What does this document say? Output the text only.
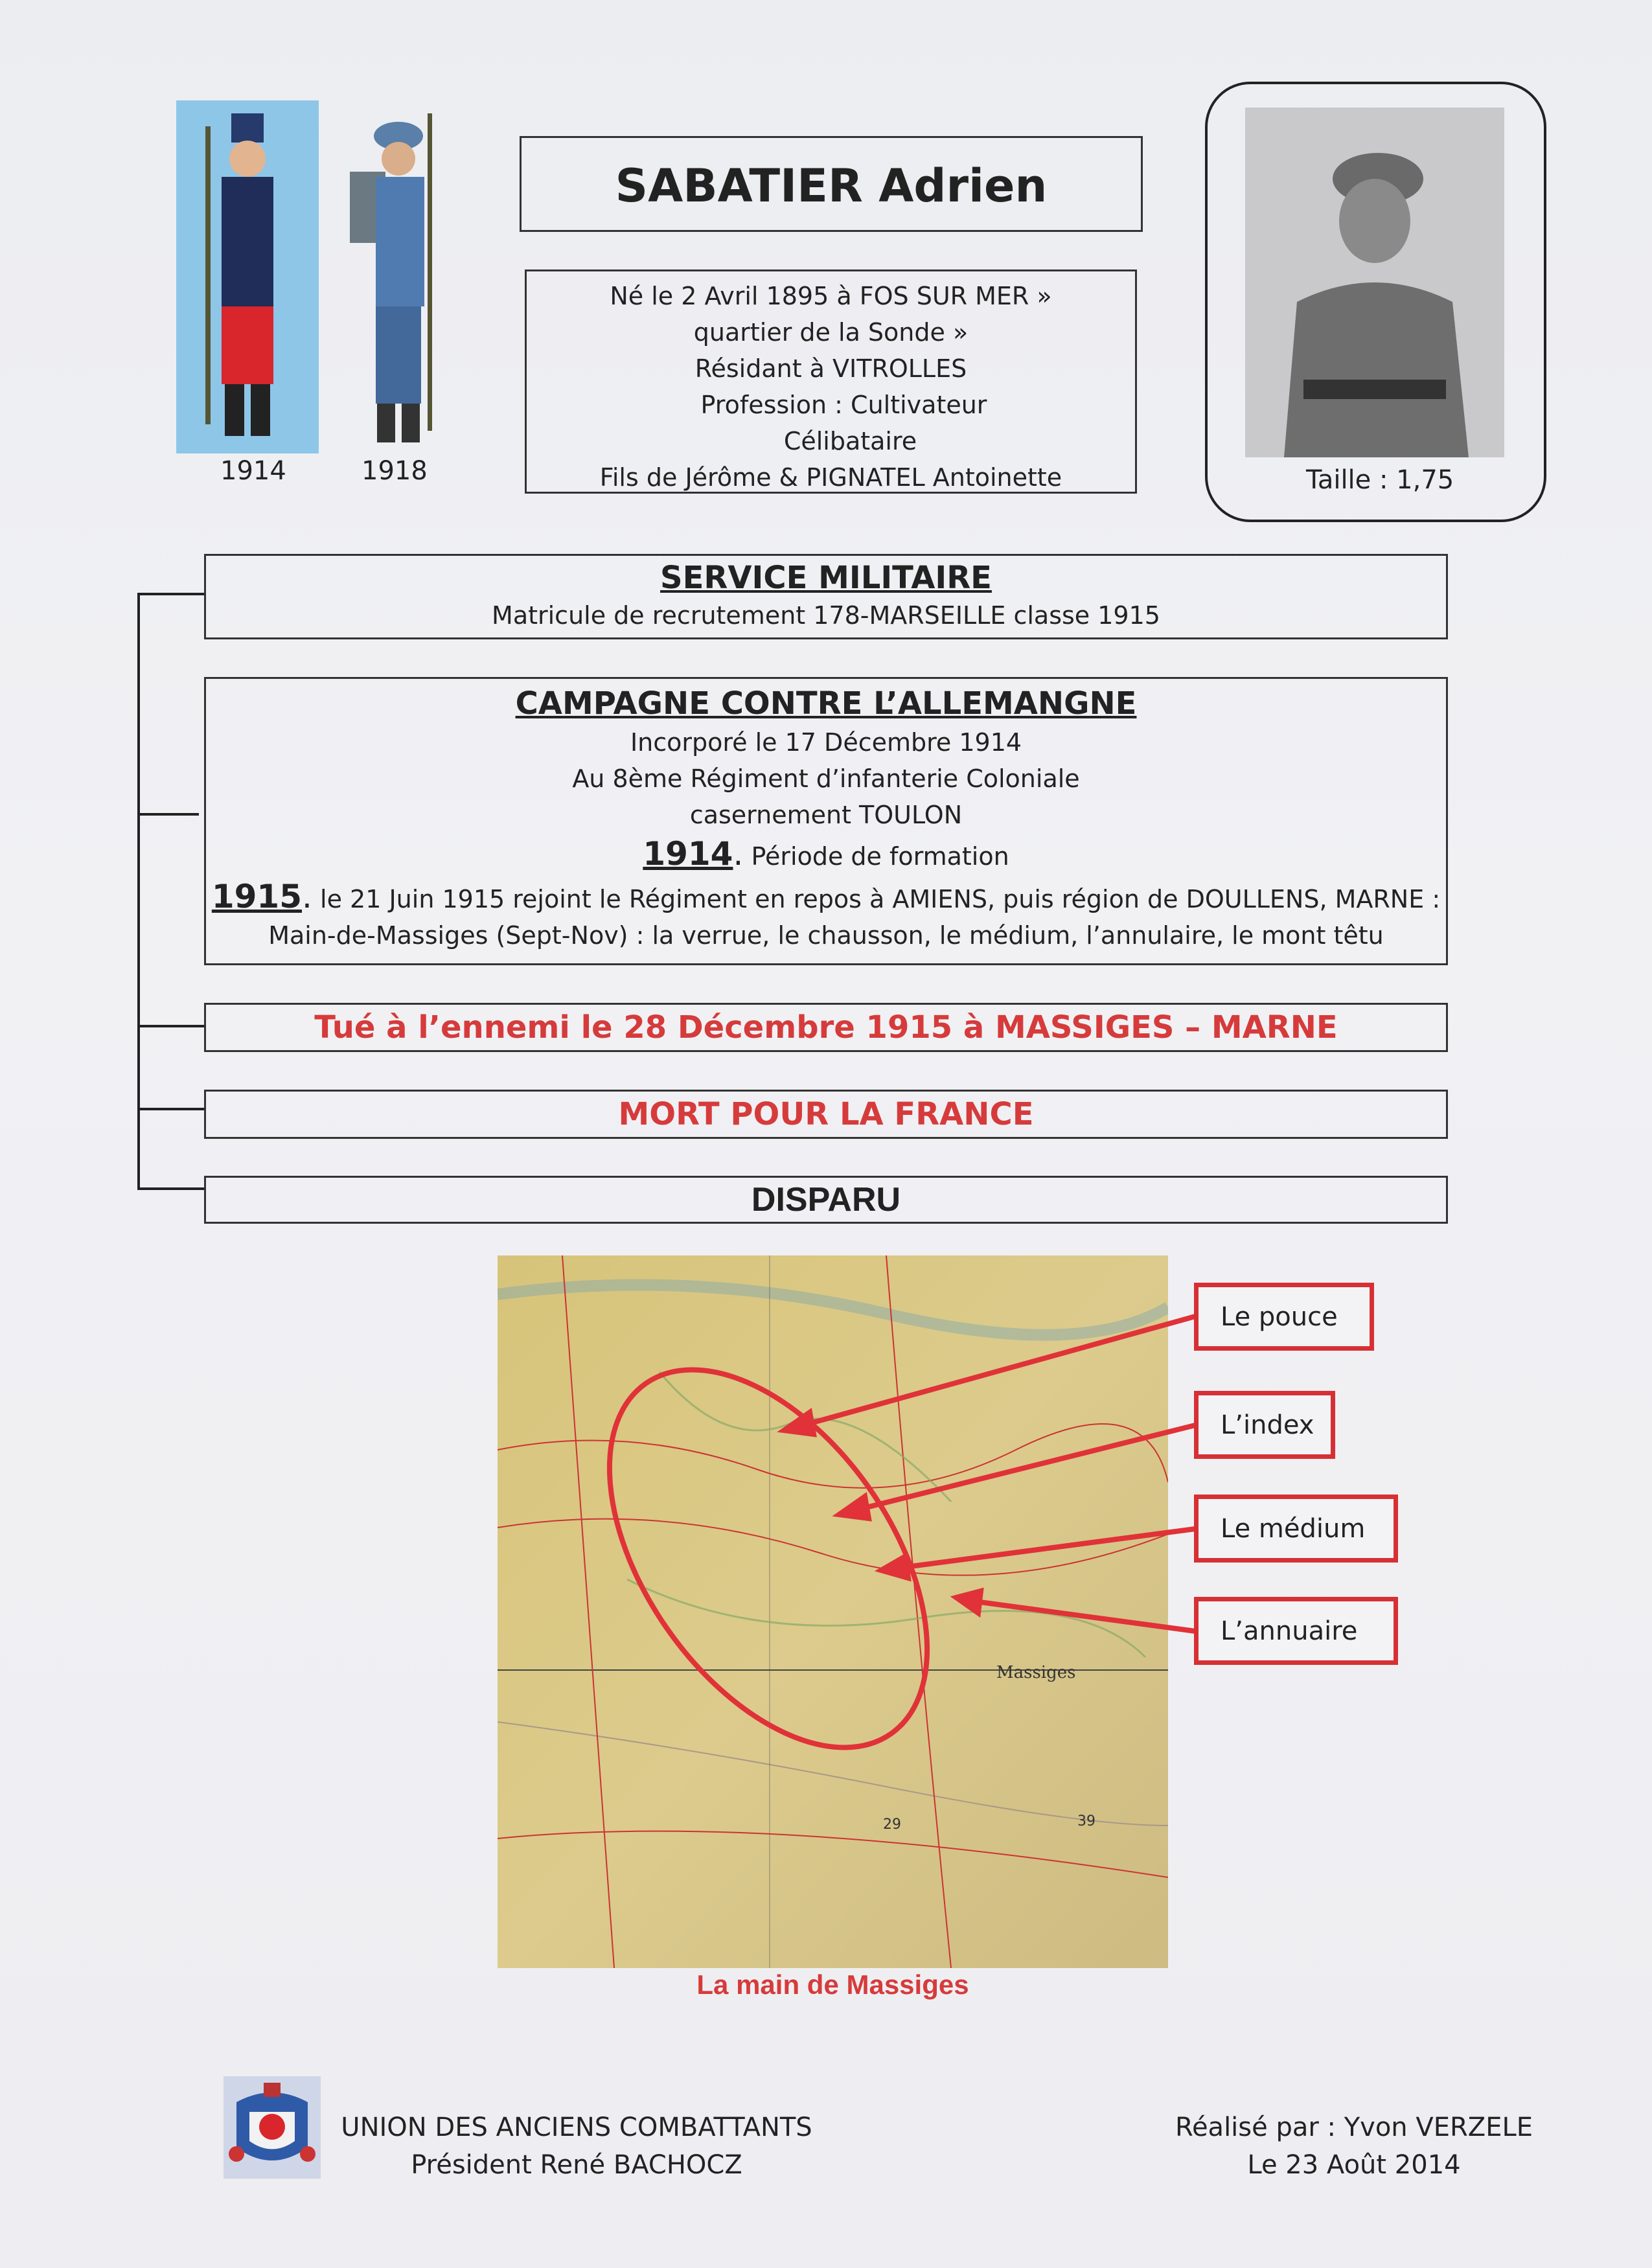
1914	1918
SABATIER Adrien
Né le 2 Avril 1895 à FOS SUR MER »
quartier de la Sonde »
Résidant à VITROLLES
Profession : Cultivateur
Célibataire
Fils de Jérôme & PIGNATEL Antoinette	Taille : 1,75
SERVICE MILITAIRE
Matricule de recrutement 178-MARSEILLE classe 1915
CAMPAGNE CONTRE L’ALLEMANGNE
Incorporé le 17 Décembre 1914
Au 8ème Régiment d’infanterie Coloniale
casernement TOULON
1914. Période de formation
1915. le 21 Juin 1915 rejoint le Régiment en repos à AMIENS, puis région de DOULLENS, MARNE :
Main-de-Massiges (Sept-Nov) : la verrue, le chausson, le médium, l’annulaire, le mont têtu
Tué à l’ennemi le 28 Décembre 1915 à MASSIGES – MARNE
MORT POUR LA FRANCE
DISPARU
Massiges
29	39
Le pouce
L’index
Le médium
L’annuaire
La main de Massiges
UNION DES ANCIENS COMBATTANTS
Président René BACHOCZ
Réalisé par : Yvon VERZELE
Le 23 Août 2014
